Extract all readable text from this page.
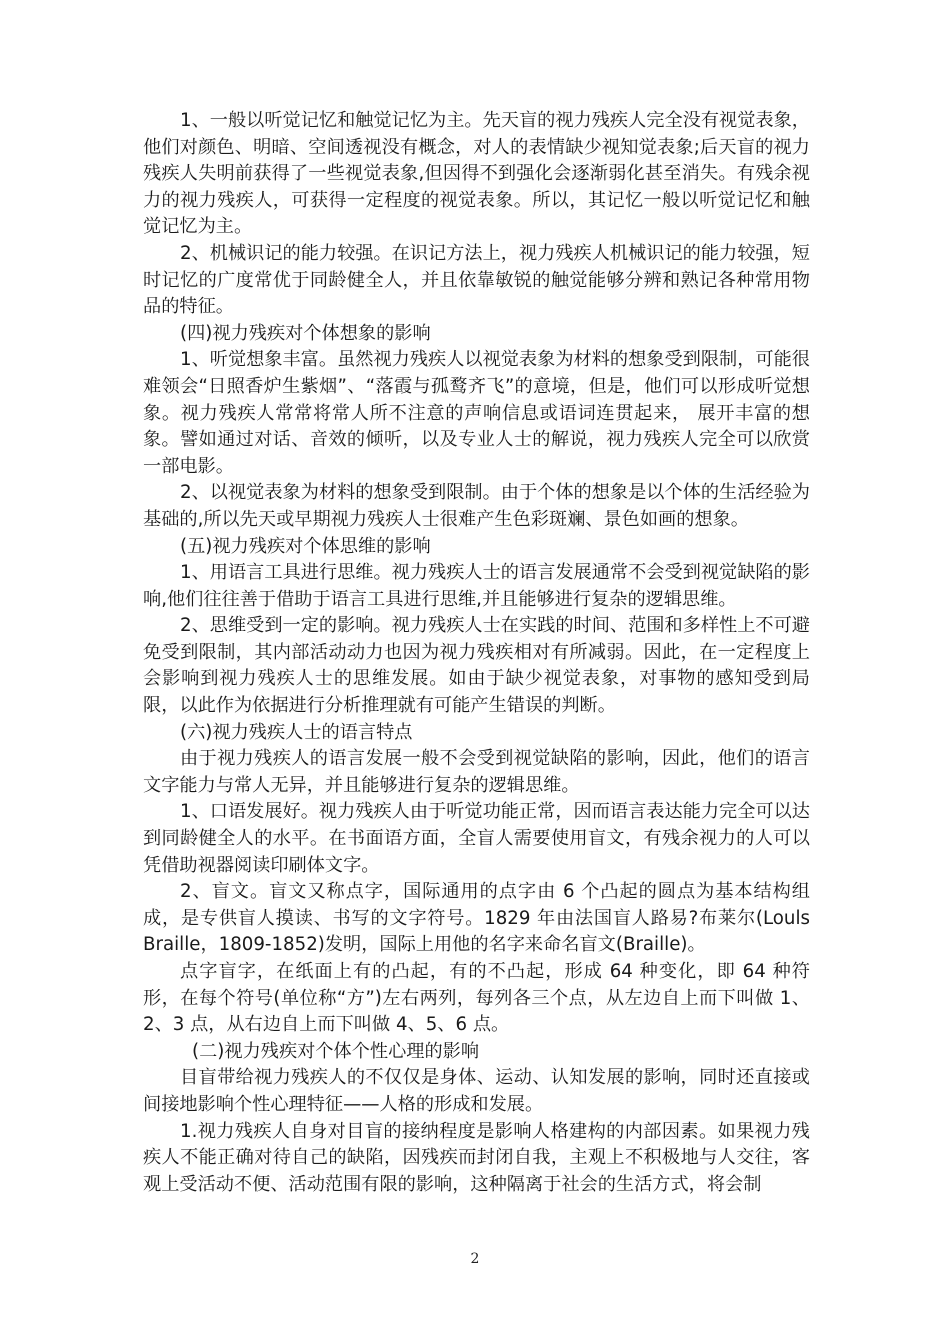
1、一般以听觉记忆和触觉记忆为主。先天盲的视力残疾人完全没有视觉表象，他们对颜色、明暗、空间透视没有概念，对人的表情缺少视知觉表象;后天盲的视力残疾人失明前获得了一些视觉表象,但因得不到强化会逐渐弱化甚至消失。有残余视力的视力残疾人，可获得一定程度的视觉表象。所以，其记忆一般以听觉记忆和触觉记忆为主。

2、机械识记的能力较强。在识记方法上，视力残疾人机械识记的能力较强，短时记忆的广度常优于同龄健全人，并且依靠敏锐的触觉能够分辨和熟记各种常用物品的特征。

(四)视力残疾对个体想象的影响

1、听觉想象丰富。虽然视力残疾人以视觉表象为材料的想象受到限制，可能很难领会“日照香炉生紫烟”、“落霞与孤鹜齐飞”的意境，但是，他们可以形成听觉想象。视力残疾人常常将常人所不注意的声响信息或语词连贯起来， 展开丰富的想象。譬如通过对话、音效的倾听，以及专业人士的解说，视力残疾人完全可以欣赏一部电影。

2、以视觉表象为材料的想象受到限制。由于个体的想象是以个体的生活经验为基础的,所以先天或早期视力残疾人士很难产生色彩斑斓、景色如画的想象。

(五)视力残疾对个体思维的影响

1、用语言工具进行思维。视力残疾人士的语言发展通常不会受到视觉缺陷的影响,他们往往善于借助于语言工具进行思维,并且能够进行复杂的逻辑思维。

2、思维受到一定的影响。视力残疾人士在实践的时间、范围和多样性上不可避免受到限制，其内部活动动力也因为视力残疾相对有所减弱。因此，在一定程度上会影响到视力残疾人士的思维发展。如由于缺少视觉表象，对事物的感知受到局限，以此作为依据进行分析推理就有可能产生错误的判断。

(六)视力残疾人士的语言特点

由于视力残疾人的语言发展一般不会受到视觉缺陷的影响，因此，他们的语言文字能力与常人无异，并且能够进行复杂的逻辑思维。

1、口语发展好。视力残疾人由于听觉功能正常，因而语言表达能力完全可以达到同龄健全人的水平。在书面语方面，全盲人需要使用盲文，有残余视力的人可以凭借助视器阅读印刷体文字。

2、盲文。盲文又称点字，国际通用的点字由 6 个凸起的圆点为基本结构组成，是专供盲人摸读、书写的文字符号。1829 年由法国盲人路易?布莱尔(Louls Braille，1809-1852)发明，国际上用他的名字来命名盲文(Braille)。

点字盲字，在纸面上有的凸起，有的不凸起，形成 64 种变化，即 64 种符形，在每个符号(单位称“方”)左右两列，每列各三个点，从左边自上而下叫做 1、2、3 点，从右边自上而下叫做 4、5、6 点。

(二)视力残疾对个体个性心理的影响

目盲带给视力残疾人的不仅仅是身体、运动、认知发展的影响，同时还直接或间接地影响个性心理特征——人格的形成和发展。

1.视力残疾人自身对目盲的接纳程度是影响人格建构的内部因素。如果视力残疾人不能正确对待自己的缺陷，因残疾而封闭自我，主观上不积极地与人交往，客观上受活动不便、活动范围有限的影响，这种隔离于社会的生活方式，将会制

2
